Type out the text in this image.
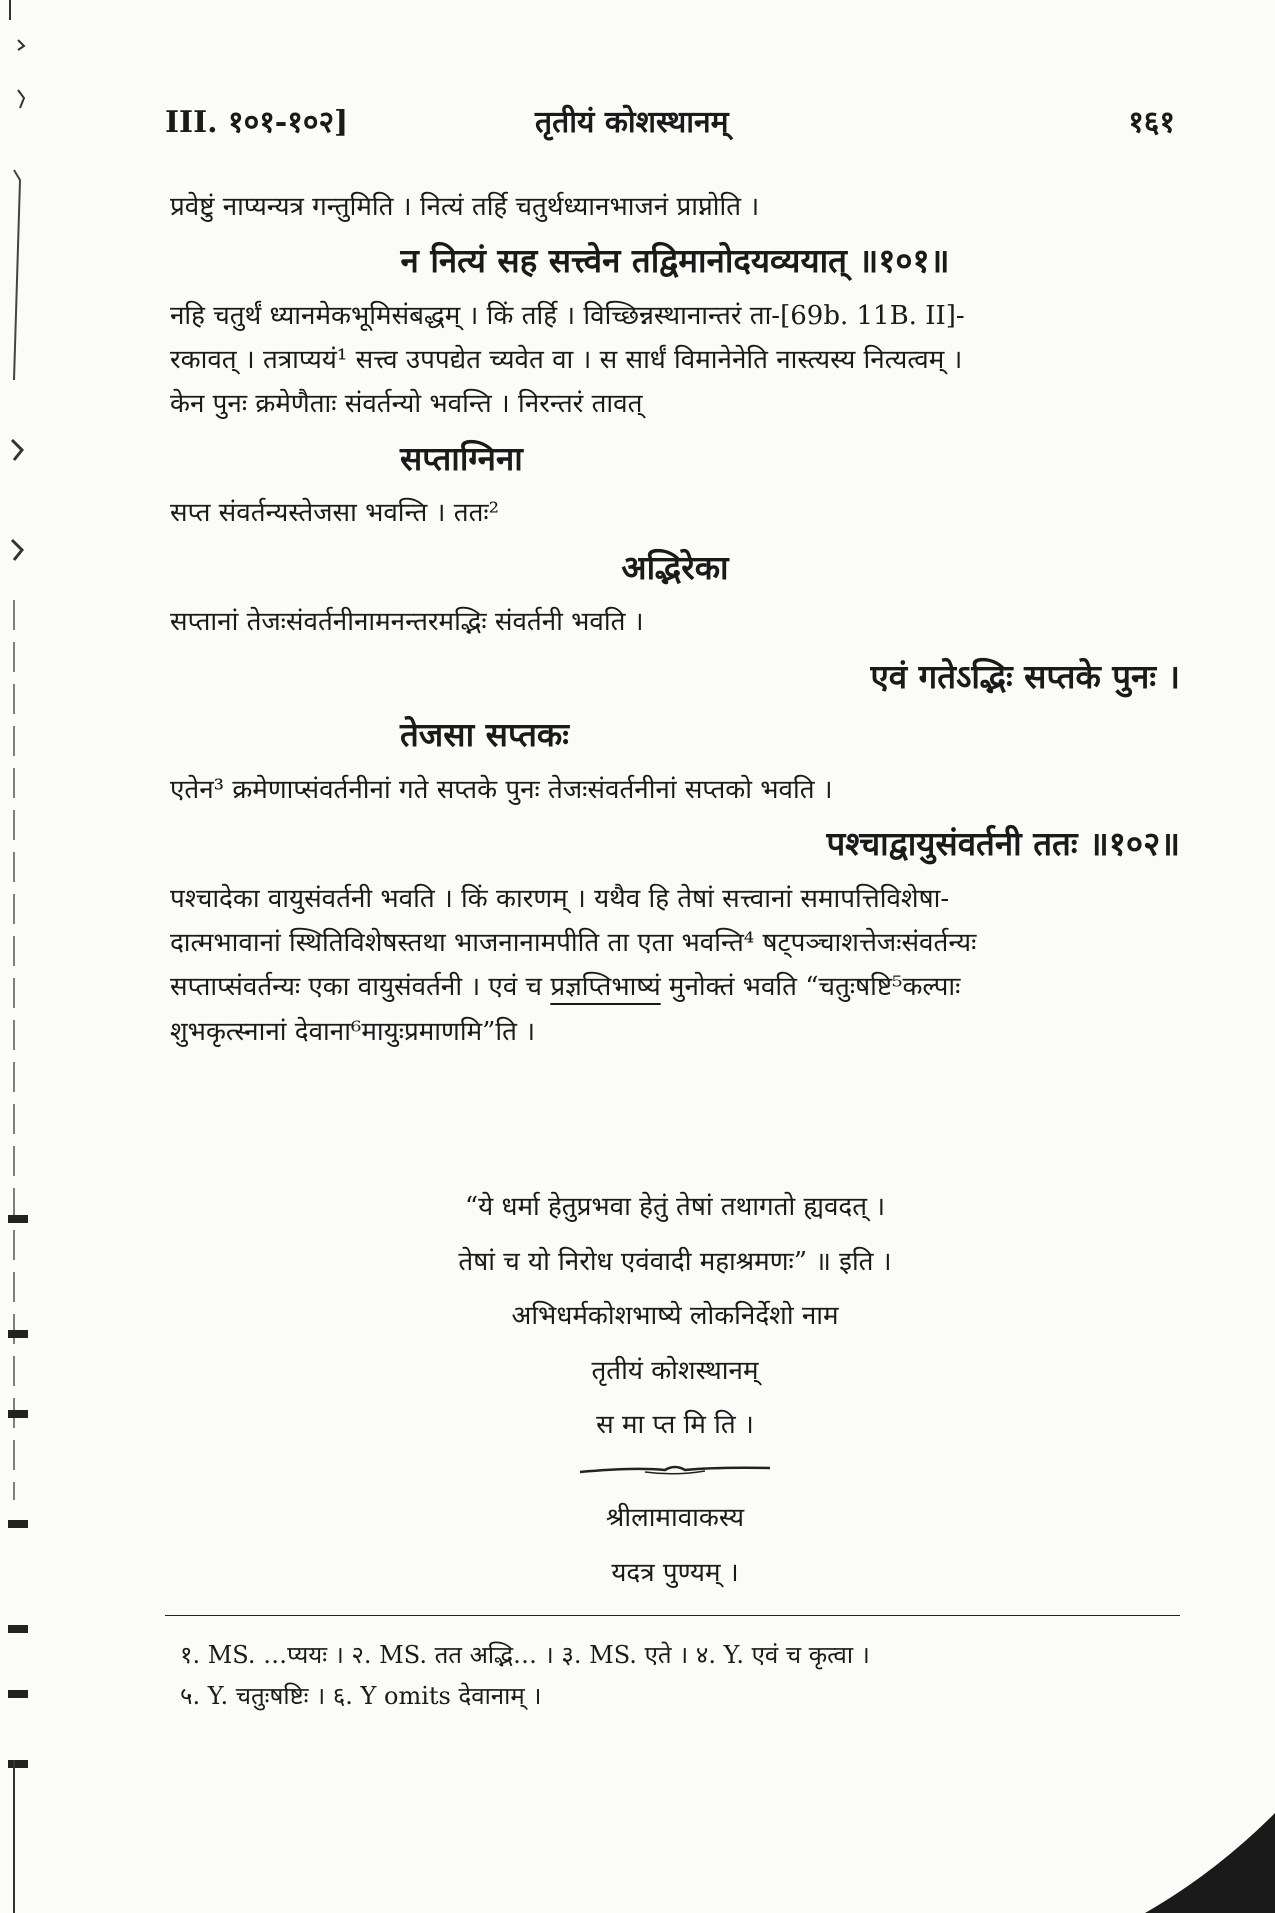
III. १०१-१०२]	तृतीयं कोशस्थानम्	१६१

प्रवेष्टुं नाप्यन्यत्र गन्तुमिति । नित्यं तर्हि चतुर्थध्यानभाजनं प्राप्नोति ।

न नित्यं सह सत्त्वेन तद्विमानोदयव्ययात् ॥१०१॥

नहि चतुर्थं ध्यानमेकभूमिसंबद्धम् । किं तर्हि । विच्छिन्नस्थानान्तरं ता-[69b. 11B. II]-

रकावत् । तत्राप्ययं¹ सत्त्व उपपद्येत च्यवेत वा । स सार्धं विमानेनेति नास्त्यस्य नित्यत्वम् ।

केन पुनः क्रमेणैताः संवर्तन्यो भवन्ति । निरन्तरं तावत्

सप्ताग्निना

सप्त संवर्तन्यस्तेजसा भवन्ति । ततः²

अद्भिरेका

सप्तानां तेजःसंवर्तनीनामनन्तरमद्भिः संवर्तनी भवति ।

एवं गतेऽद्भिः सप्तके पुनः ।

तेजसा सप्तकः

एतेन³ क्रमेणाप्संवर्तनीनां गते सप्तके पुनः तेजःसंवर्तनीनां सप्तको भवति ।

पश्चाद्वायुसंवर्तनी ततः ॥१०२॥

पश्चादेका वायुसंवर्तनी भवति । किं कारणम् । यथैव हि तेषां सत्त्वानां समापत्तिविशेषा-

दात्मभावानां स्थितिविशेषस्तथा भाजनानामपीति ता एता भवन्ति⁴ षट्पञ्चाशत्तेजःसंवर्तन्यः

सप्ताप्संवर्तन्यः एका वायुसंवर्तनी । एवं च प्रज्ञप्तिभाष्यं मुनोक्तं भवति “चतुःषष्टि⁵कल्पाः

शुभकृत्स्नानां देवाना⁶मायुःप्रमाणमि”ति ।

“ये धर्मा हेतुप्रभवा हेतुं तेषां तथागतो ह्यवदत् ।

तेषां च यो निरोध एवंवादी महाश्रमणः” ॥ इति ।

अभिधर्मकोशभाष्ये लोकनिर्देशो नाम

तृतीयं कोशस्थानम्

स मा प्त मि ति ।

श्रीलामावाकस्य

यदत्र पुण्यम् ।

१. MS. …प्ययः । २. MS. तत अद्भि… । ३. MS. एते । ४. Y. एवं च कृत्वा ।

५. Y. चतुःषष्टिः । ६. Y omits देवानाम् ।
